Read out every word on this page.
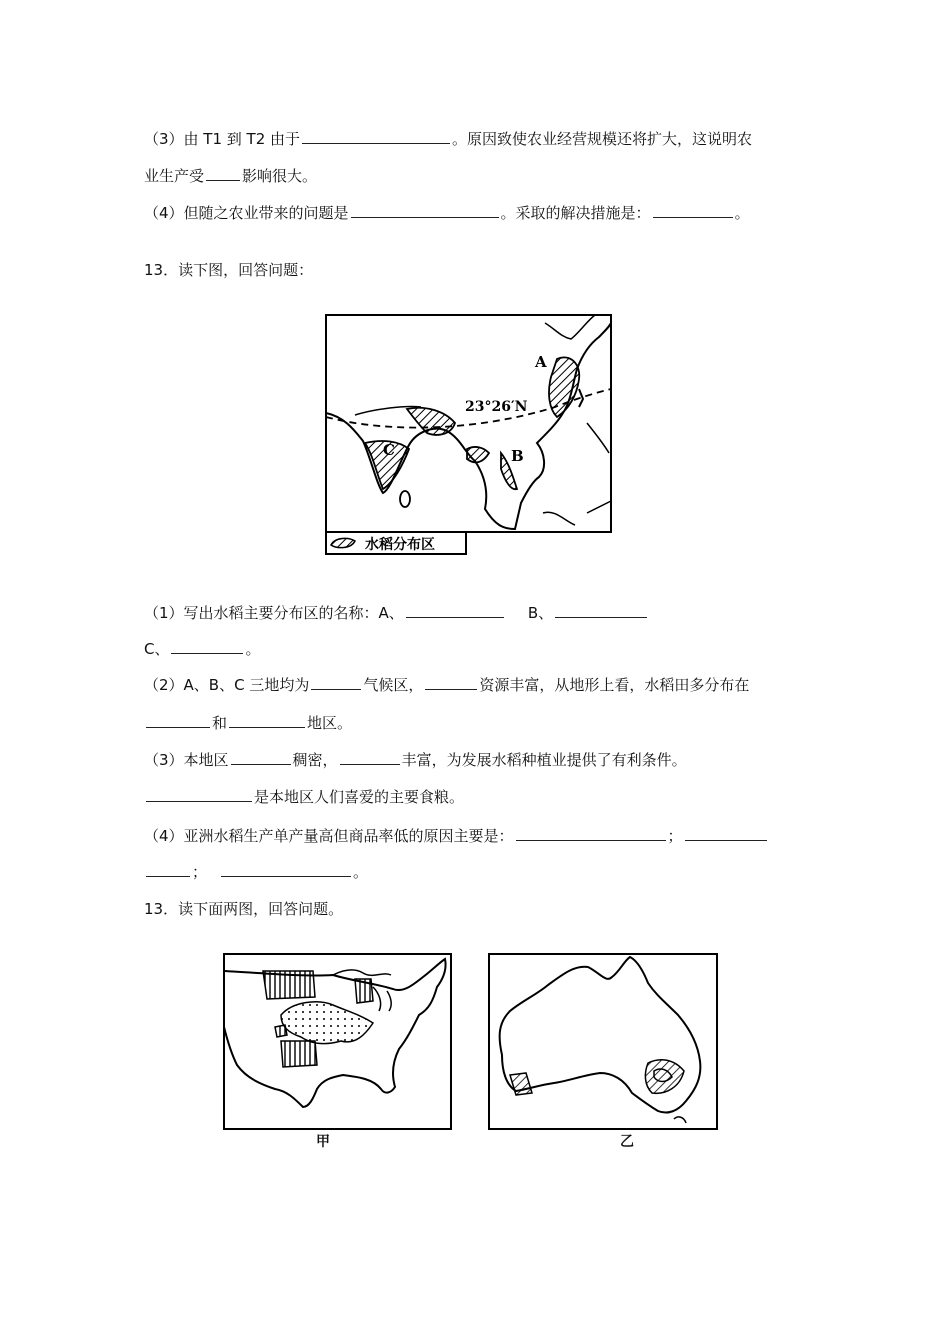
（3）由 T1 到 T2 由于	。原因致使农业经营规模还将扩大，这说明农
业生产受	影响很大。
（4）但随之农业带来的问题是	。采取的解决措施是：	。
13．读下图，回答问题：
A
B
C
23°26′N
水稻分布区
（1）写出水稻主要分布区的名称：A、	B、
C、	。
（2）A、B、C 三地均为	气候区，	资源丰富，从地形上看，水稻田多分布在
和	地区。
（3）本地区	稠密，	丰富，为发展水稻种植业提供了有利条件。
是本地区人们喜爱的主要食粮。
（4）亚洲水稻生产单产量高但商品率低的原因主要是：	；
；	。
13．读下面两图，回答问题。
甲	乙
